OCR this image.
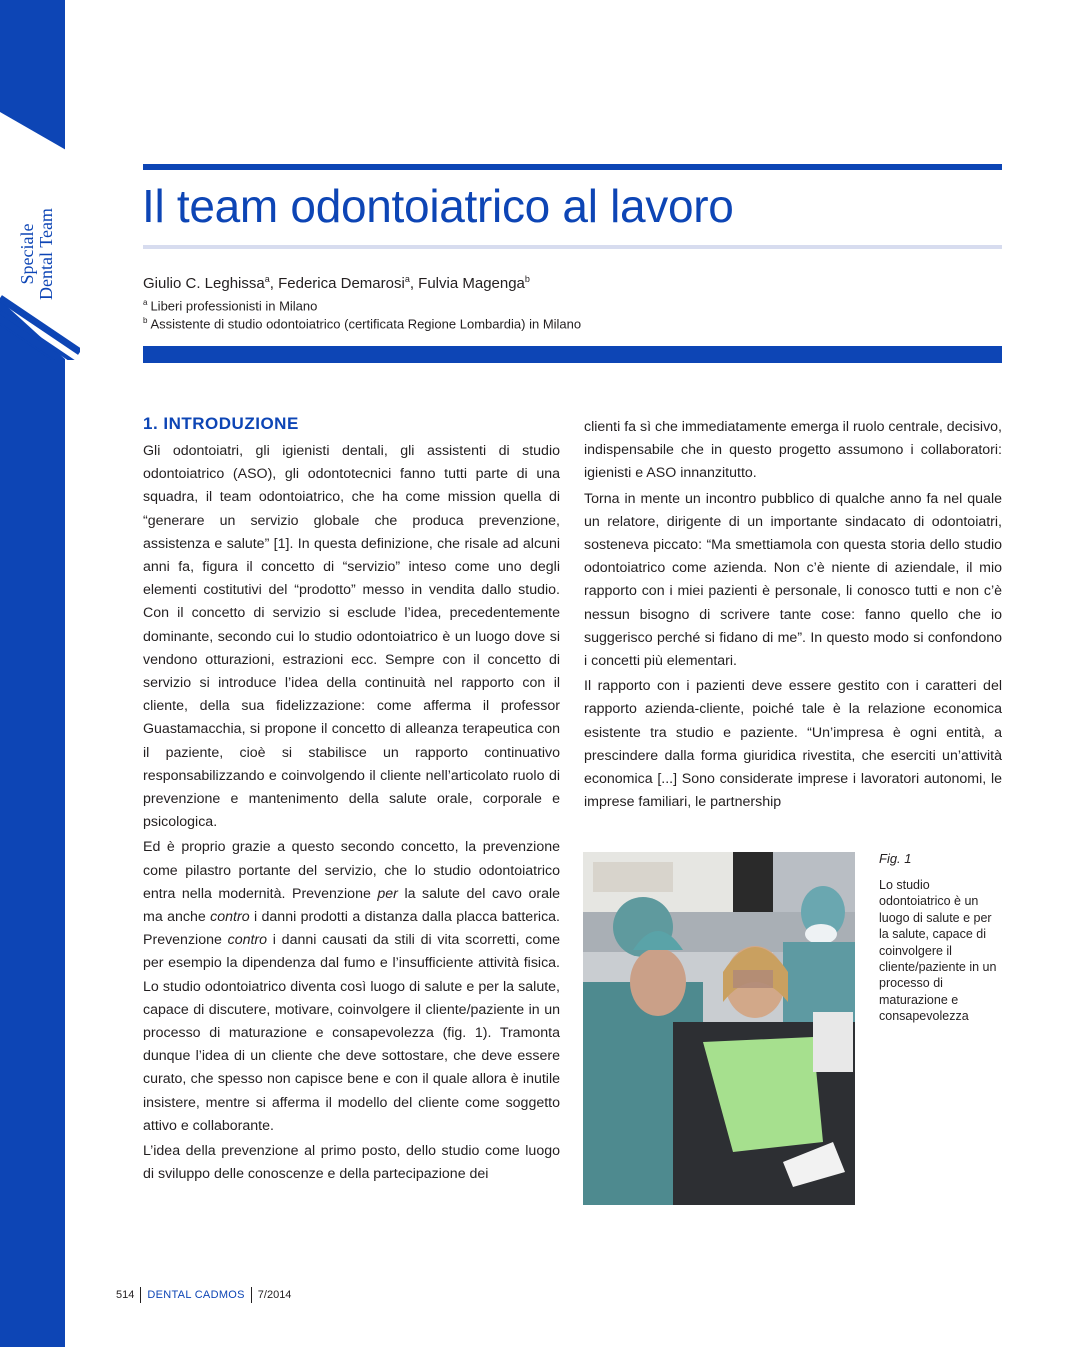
Speciale Dental Team
Il team odontoiatrico al lavoro
Giulio C. Leghissa$^a$, Federica Demarosi$^a$, Fulvia Magenga$^b$
$^a$ Liberi professionisti in Milano
$^b$ Assistente di studio odontoiatrico (certificata Regione Lombardia) in Milano
1. INTRODUZIONE

Gli odontoiatri, gli igienisti dentali, gli assistenti di studio odontoiatrico (ASO), gli odontotecnici fanno tutti parte di una squadra, il team odontoiatrico, che ha come mission quella di “generare un servizio globale che produca prevenzione, assistenza e salute” [1]. In questa definizione, che risale ad alcuni anni fa, figura il concetto di “servizio” inteso come uno degli elementi costitutivi del “prodotto” messo in vendita dallo studio. Con il concetto di servizio si esclude l’idea, precedentemente dominante, secondo cui lo studio odontoiatrico è un luogo dove si vendono otturazioni, estrazioni ecc. Sempre con il concetto di servizio si introduce l’idea della continuità nel rapporto con il cliente, della sua fidelizzazione: come afferma il professor Guastamacchia, si propone il concetto di alleanza terapeutica con il paziente, cioè si stabilisce un rapporto continuativo responsabilizzando e coinvolgendo il cliente nell’articolato ruolo di prevenzione e mantenimento della salute orale, corporale e psicologica.

Ed è proprio grazie a questo secondo concetto, la prevenzione come pilastro portante del servizio, che lo studio odontoiatrico entra nella modernità. Prevenzione per la salute del cavo orale ma anche contro i danni prodotti a distanza dalla placca batterica. Prevenzione contro i danni causati da stili di vita scorretti, come per esempio la dipendenza dal fumo e l’insufficiente attività fisica. Lo studio odontoiatrico diventa così luogo di salute e per la salute, capace di discutere, motivare, coinvolgere il cliente/paziente in un processo di maturazione e consapevolezza (fig. 1). Tramonta dunque l’idea di un cliente che deve sottostare, che deve essere curato, che spesso non capisce bene e con il quale allora è inutile insistere, mentre si afferma il modello del cliente come soggetto attivo e collaborante.

L’idea della prevenzione al primo posto, dello studio come luogo di sviluppo delle conoscenze e della partecipazione dei

clienti fa sì che immediatamente emerga il ruolo centrale, decisivo, indispensabile che in questo progetto assumono i collaboratori: igienisti e ASO innanzitutto.

Torna in mente un incontro pubblico di qualche anno fa nel quale un relatore, dirigente di un importante sindacato di odontoiatri, sosteneva piccato: “Ma smettiamola con questa storia dello studio odontoiatrico come azienda. Non c’è niente di aziendale, il mio rapporto con i miei pazienti è personale, li conosco tutti e non c’è nessun bisogno di scrivere tante cose: fanno quello che io suggerisco perché si fidano di me”. In questo modo si confondono i concetti più elementari.

Il rapporto con i pazienti deve essere gestito con i caratteri del rapporto azienda-cliente, poiché tale è la relazione economica esistente tra studio e paziente. “Un’impresa è ogni entità, a prescindere dalla forma giuridica rivestita, che eserciti un’attività economica [...] Sono considerate imprese i lavoratori autonomi, le imprese familiari, le partnership

Fig. 1
Lo studio odontoiatrico è un luogo di salute e per la salute, capace di coinvolgere il cliente/paziente in un processo di maturazione e consapevolezza
514 DENTAL CADMOS 7/2014
